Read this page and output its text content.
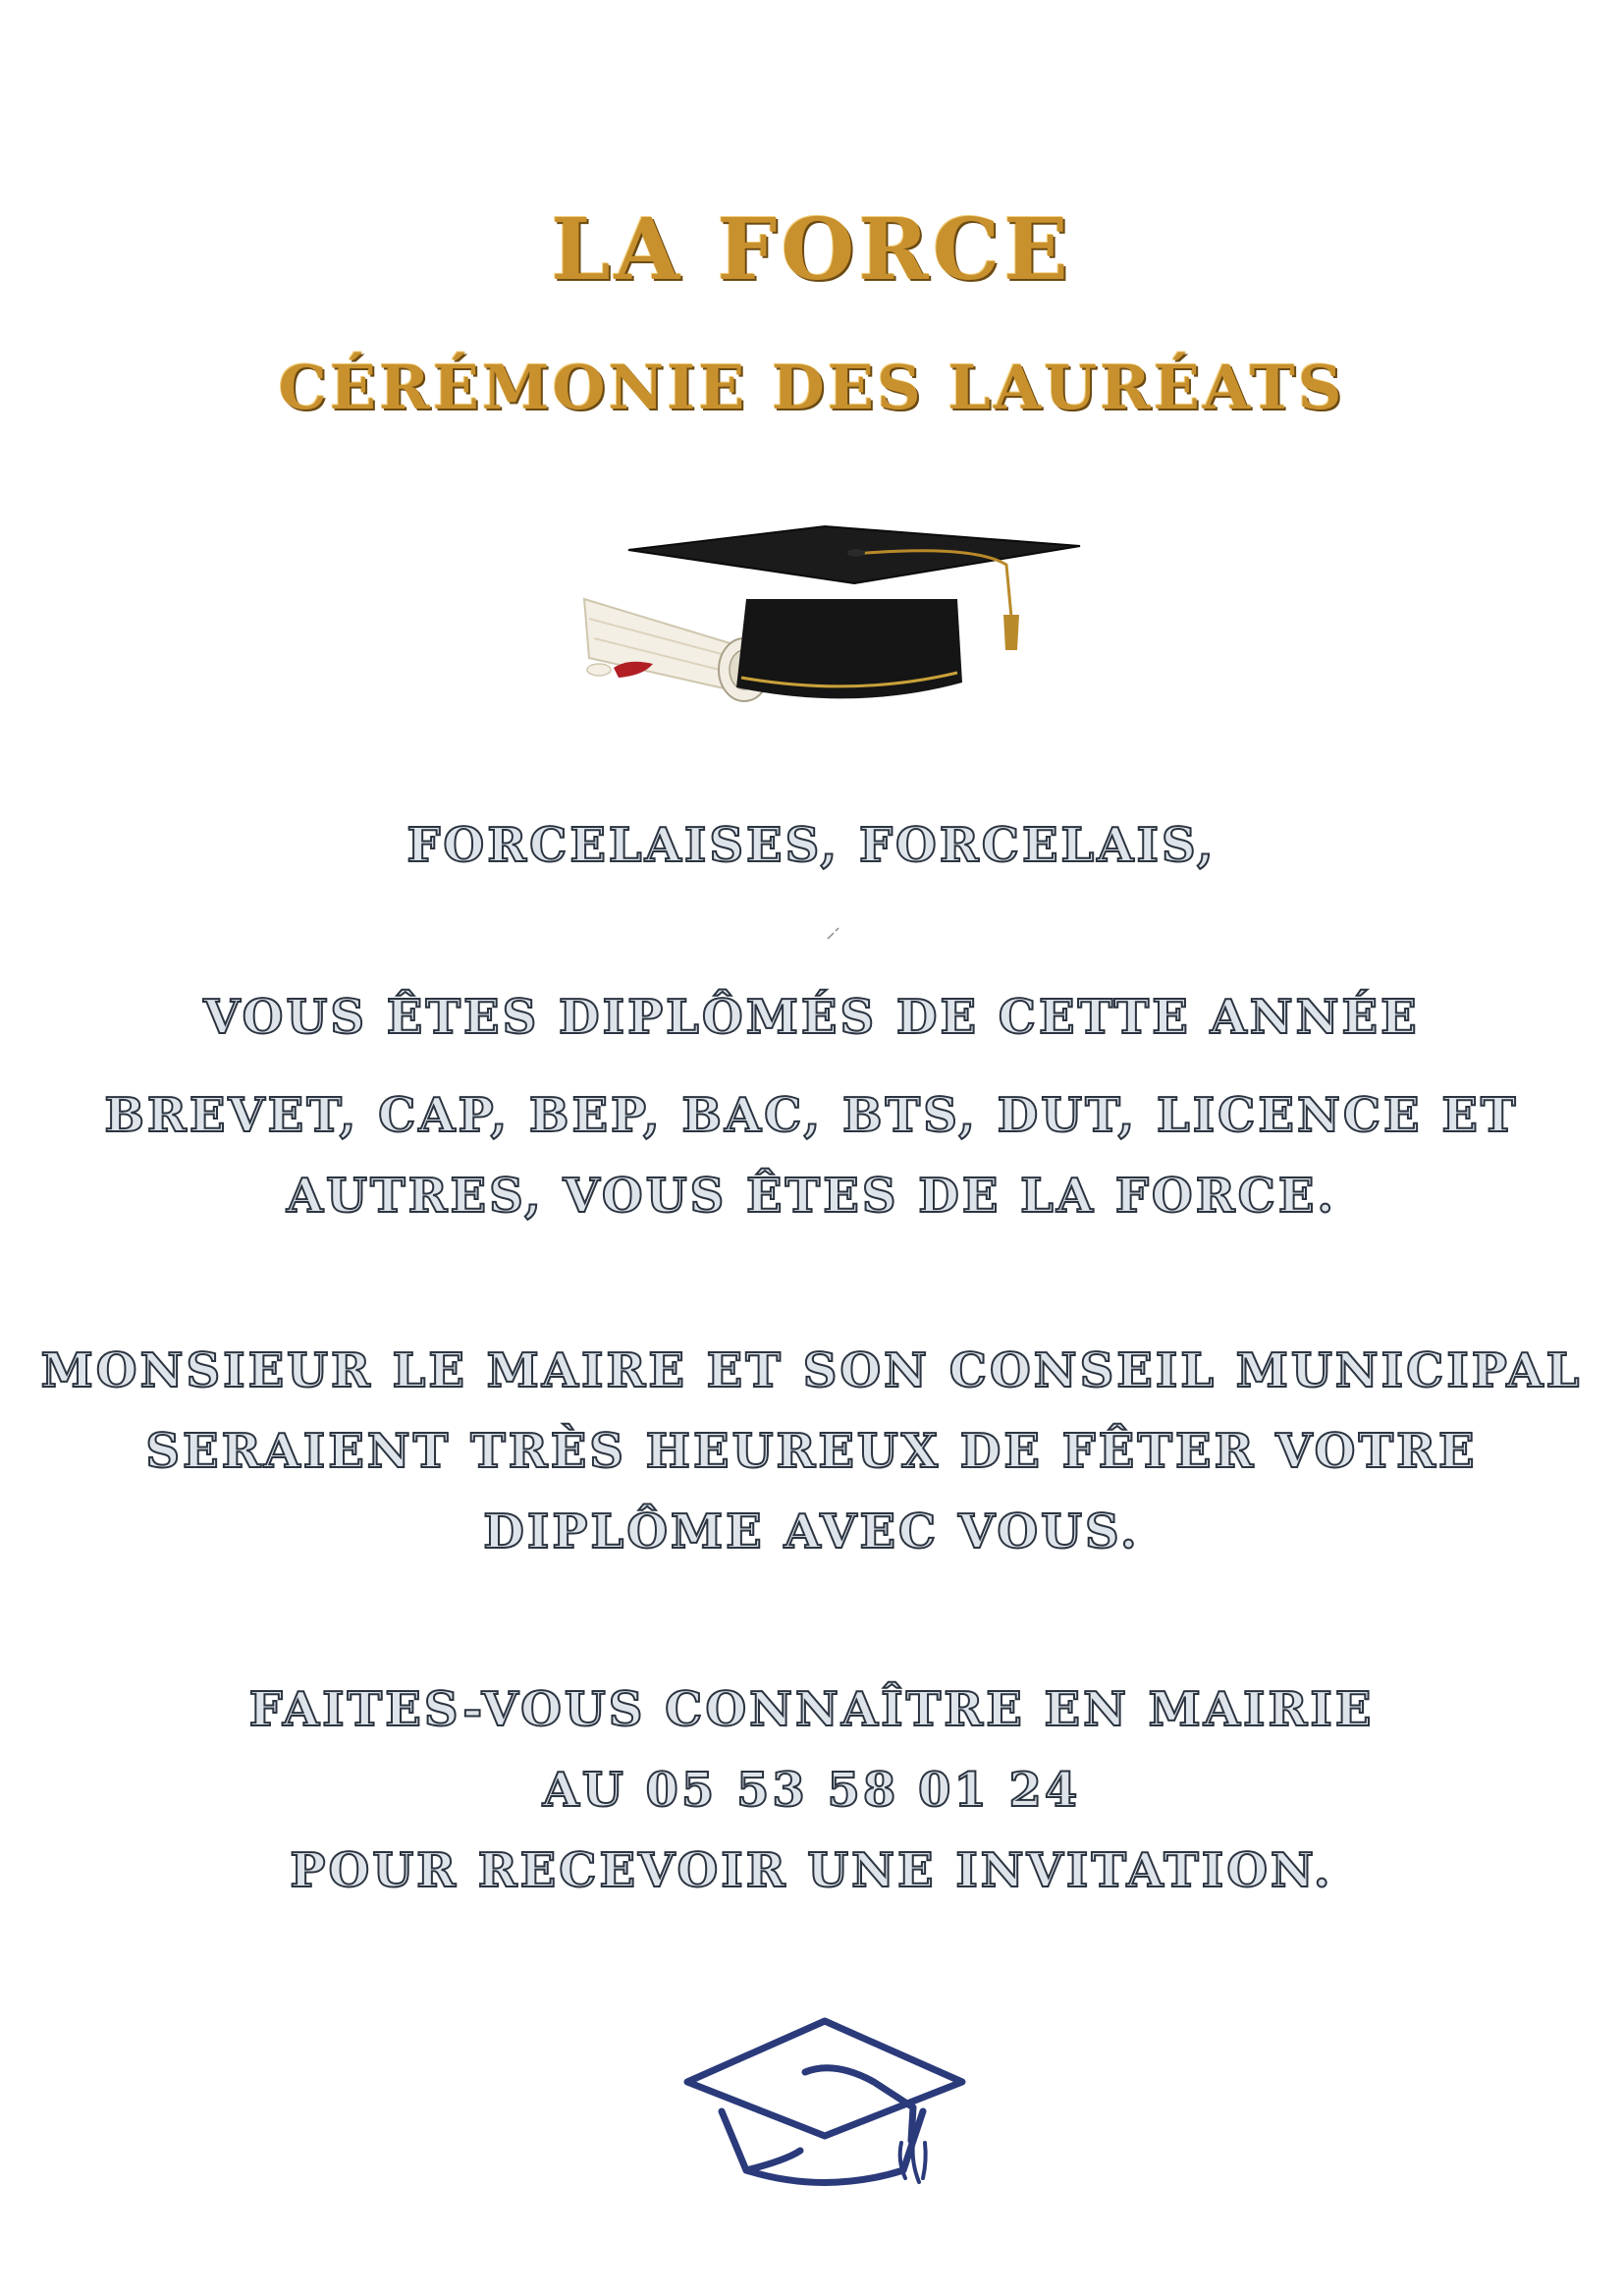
LA FORCE
CÉRÉMONIE DES LAURÉATS
FORCELAISES, FORCELAIS,
VOUS ÊTES DIPLÔMÉS DE CETTE ANNÉE
BREVET, CAP, BEP, BAC, BTS, DUT, LICENCE ET
AUTRES, VOUS ÊTES DE LA FORCE.
MONSIEUR LE MAIRE ET SON CONSEIL MUNICIPAL
SERAIENT TRÈS HEUREUX DE FÊTER VOTRE
DIPLÔME AVEC VOUS.
FAITES-VOUS CONNAÎTRE EN MAIRIE
AU 05 53 58 01 24
POUR RECEVOIR UNE INVITATION.
